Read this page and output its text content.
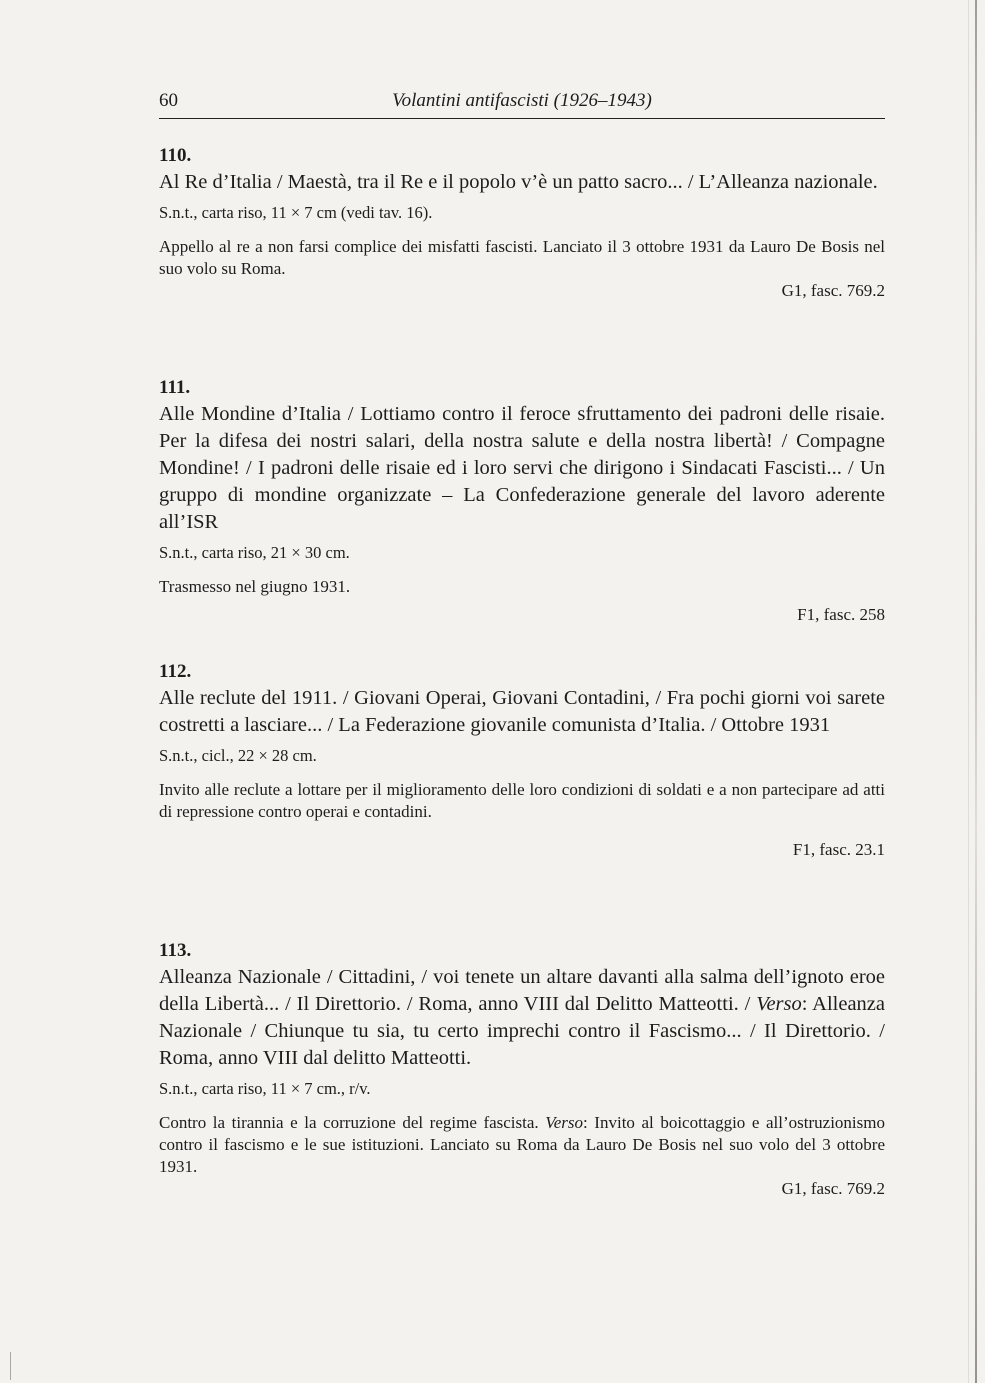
60	Volantini antifascisti (1926–1943)

110.

Al Re d’Italia / Maestà, tra il Re e il popolo v’è un patto sacro... / L’Alleanza nazionale.

S.n.t., carta riso, 11 × 7 cm (vedi tav. 16).

Appello al re a non farsi complice dei misfatti fascisti. Lanciato il 3 ottobre 1931 da Lauro De Bosis nel suo volo su Roma.

G1, fasc. 769.2

111.

Alle Mondine d’Italia / Lottiamo contro il feroce sfruttamento dei padroni delle risaie. Per la difesa dei nostri salari, della nostra salute e della nostra libertà! / Compagne Mondine! / I padroni delle risaie ed i loro servi che dirigono i Sindacati Fascisti... / Un gruppo di mondine organizzate – La Confederazione generale del lavoro aderente all’ISR

S.n.t., carta riso, 21 × 30 cm.

Trasmesso nel giugno 1931.

F1, fasc. 258

112.

Alle reclute del 1911. / Giovani Operai, Giovani Contadini, / Fra pochi giorni voi sarete costretti a lasciare... / La Federazione giovanile comunista d’Italia. / Ottobre 1931

S.n.t., cicl., 22 × 28 cm.

Invito alle reclute a lottare per il miglioramento delle loro condizioni di soldati e a non partecipare ad atti di repressione contro operai e contadini.

F1, fasc. 23.1

113.

Alleanza Nazionale / Cittadini, / voi tenete un altare davanti alla salma dell’ignoto eroe della Libertà... / Il Direttorio. / Roma, anno VIII dal Delitto Matteotti. / Verso: Alleanza Nazionale / Chiunque tu sia, tu certo imprechi contro il Fascismo... / Il Direttorio. / Roma, anno VIII dal delitto Matteotti.

S.n.t., carta riso, 11 × 7 cm., r/v.

Contro la tirannia e la corruzione del regime fascista. Verso: Invito al boicottaggio e all’ostruzionismo contro il fascismo e le sue istituzioni. Lanciato su Roma da Lauro De Bosis nel suo volo del 3 ottobre 1931.

G1, fasc. 769.2
